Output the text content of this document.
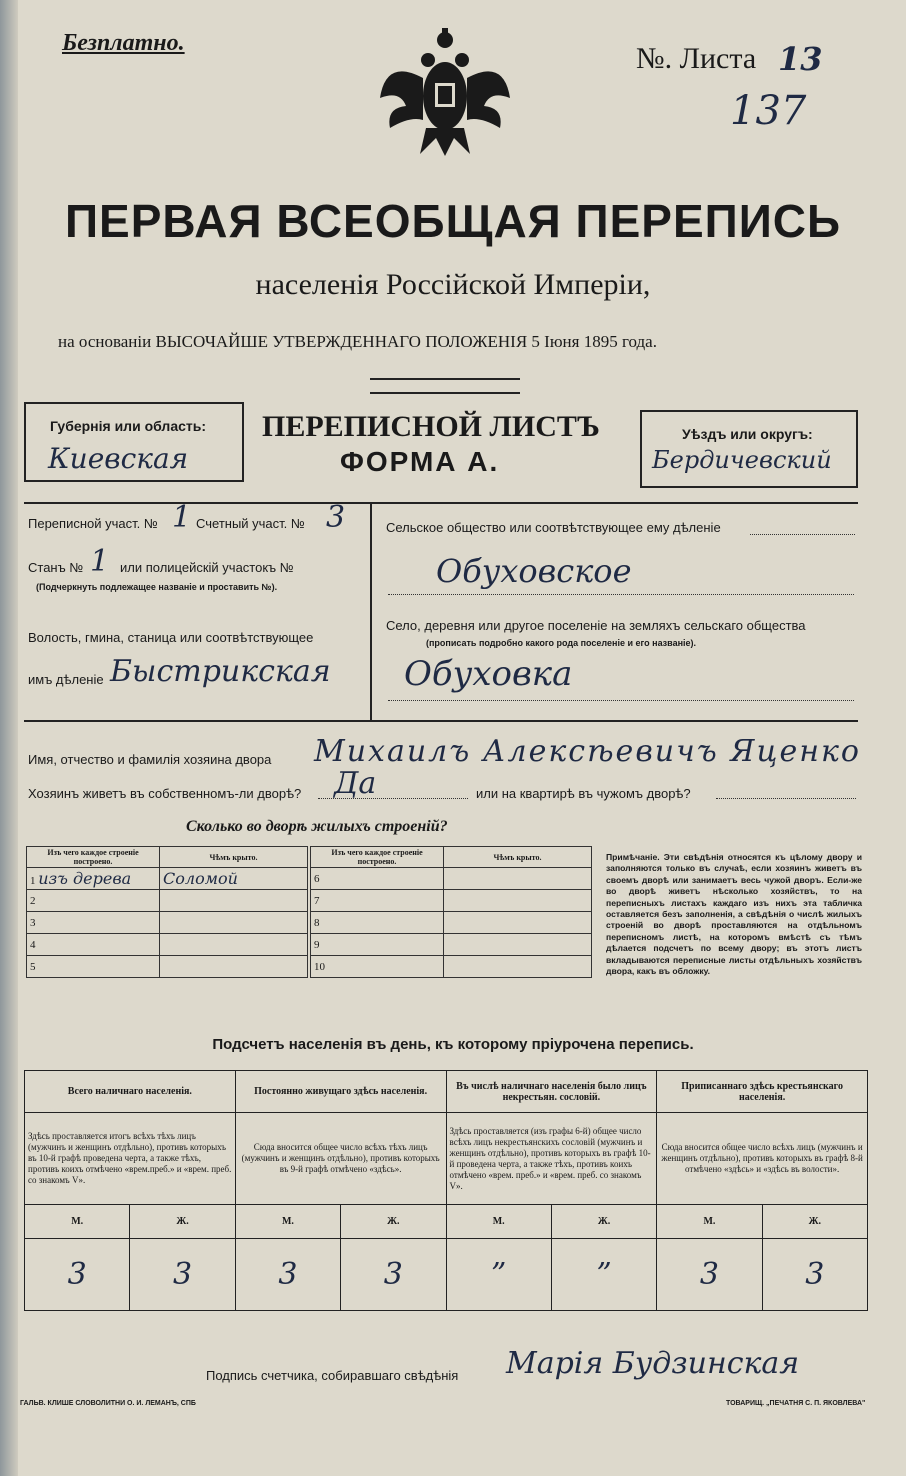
Безплатно.	№. Листа 13
137
ПЕРВАЯ ВСЕОБЩАЯ ПЕРЕПИСЬ
населенія Россійской Имперіи,
на основаніи ВЫСОЧАЙШЕ УТВЕРЖДЕННАГО ПОЛОЖЕНІЯ 5 Іюня 1895 года.
Губернія или область:
Киевская
ПЕРЕПИСНОЙ ЛИСТЪ
ФОРМА А.
Уѣздъ или округъ:
Бердичевский
Переписной участ. № 1 Счетный участ. № 3
Станъ № 1 или полицейскій участокъ №
(Подчеркнуть подлежащее названіе и проставить №).
Волость, гмина, станица или соотвѣтствующее
имъ дѣленіе Быстрикская
Сельское общество или соотвѣтствующее ему дѣленіе
Обуховское
Село, деревня или другое поселеніе на земляхъ сельскаго общества
(прописать подробно какого рода поселеніе и его названіе).
Обуховка
Имя, отчество и фамилія хозяина двора Михаилъ Алексѣевичъ Яценко
Хозяинъ живетъ въ собственномъ-ли дворѣ? Да	или на квартирѣ въ чужомъ дворѣ?
Сколько во дворѣ жилыхъ строеній?
Изъ чего каждое строеніе построено.	Чѣмъ крыто.
1 изъ дерева	Соломой
2	
3	
4	
5	
Изъ чего каждое строеніе построено.	Чѣмъ крыто.
6	
7	
8	
9	
10	
Примѣчаніе. Эти свѣдѣнія относятся къ цѣлому двору и заполняются только въ случаѣ, если хозяинъ живетъ въ своемъ дворѣ или занимаетъ весь чужой дворъ. Если-же во дворѣ живетъ нѣсколько хозяйствъ, то на переписныхъ листахъ каждаго изъ нихъ эта табличка оставляется безъ заполненія, а свѣдѣнія о числѣ жилыхъ строеній во дворѣ проставляются на отдѣльномъ переписномъ листѣ, на которомъ вмѣстѣ съ тѣмъ дѣлается подсчетъ по всему двору; въ этотъ листъ вкладываются переписные листы отдѣльныхъ хозяйствъ двора, какъ въ обложку.
Подсчетъ населенія въ день, къ которому пріурочена перепись.
Всего наличнаго населенія.		Постоянно живущаго здѣсь населенія.		Въ числѣ наличнаго населенія было лицъ некрестьян. сословій.		Приписаннаго здѣсь крестьянскаго населенія.	
Здѣсь проставляется итогъ всѣхъ тѣхъ лицъ (мужчинъ и женщинъ отдѣльно), противъ которыхъ въ 10-й графѣ проведена черта, а также тѣхъ, противъ коихъ отмѣчено «врем.преб.» и «врем. преб. со знакомъ V».		Сюда вносится общее число всѣхъ тѣхъ лицъ (мужчинъ и женщинъ отдѣльно), противъ которыхъ въ 9-й графѣ отмѣчено «здѣсь».		Здѣсь проставляется (изъ графы 6-й) общее число всѣхъ лицъ некрестьянскихъ сословій (мужчинъ и женщинъ отдѣльно), противъ которыхъ въ графѣ 10-й проведена черта, а также тѣхъ, противъ коихъ отмѣчено «врем. преб.» и «врем. преб. со знакомъ V».		Сюда вносится общее число всѣхъ лицъ (мужчинъ и женщинъ отдѣльно), противъ которыхъ въ графѣ 8-й отмѣчено «здѣсь» и «здѣсь въ волости».	
М.	Ж.	М.	Ж.	М.	Ж.	М.	Ж.
3	3	3	3	”	”	3	3
Подпись счетчика, собиравшаго свѣдѣнія Марія Будзинская
ГАЛЬВ. КЛИШЕ СЛОВОЛИТНИ О. И. ЛЕМАНЪ, СПБ	ТОВАРИЩ. „ПЕЧАТНЯ С. П. ЯКОВЛЕВА"
